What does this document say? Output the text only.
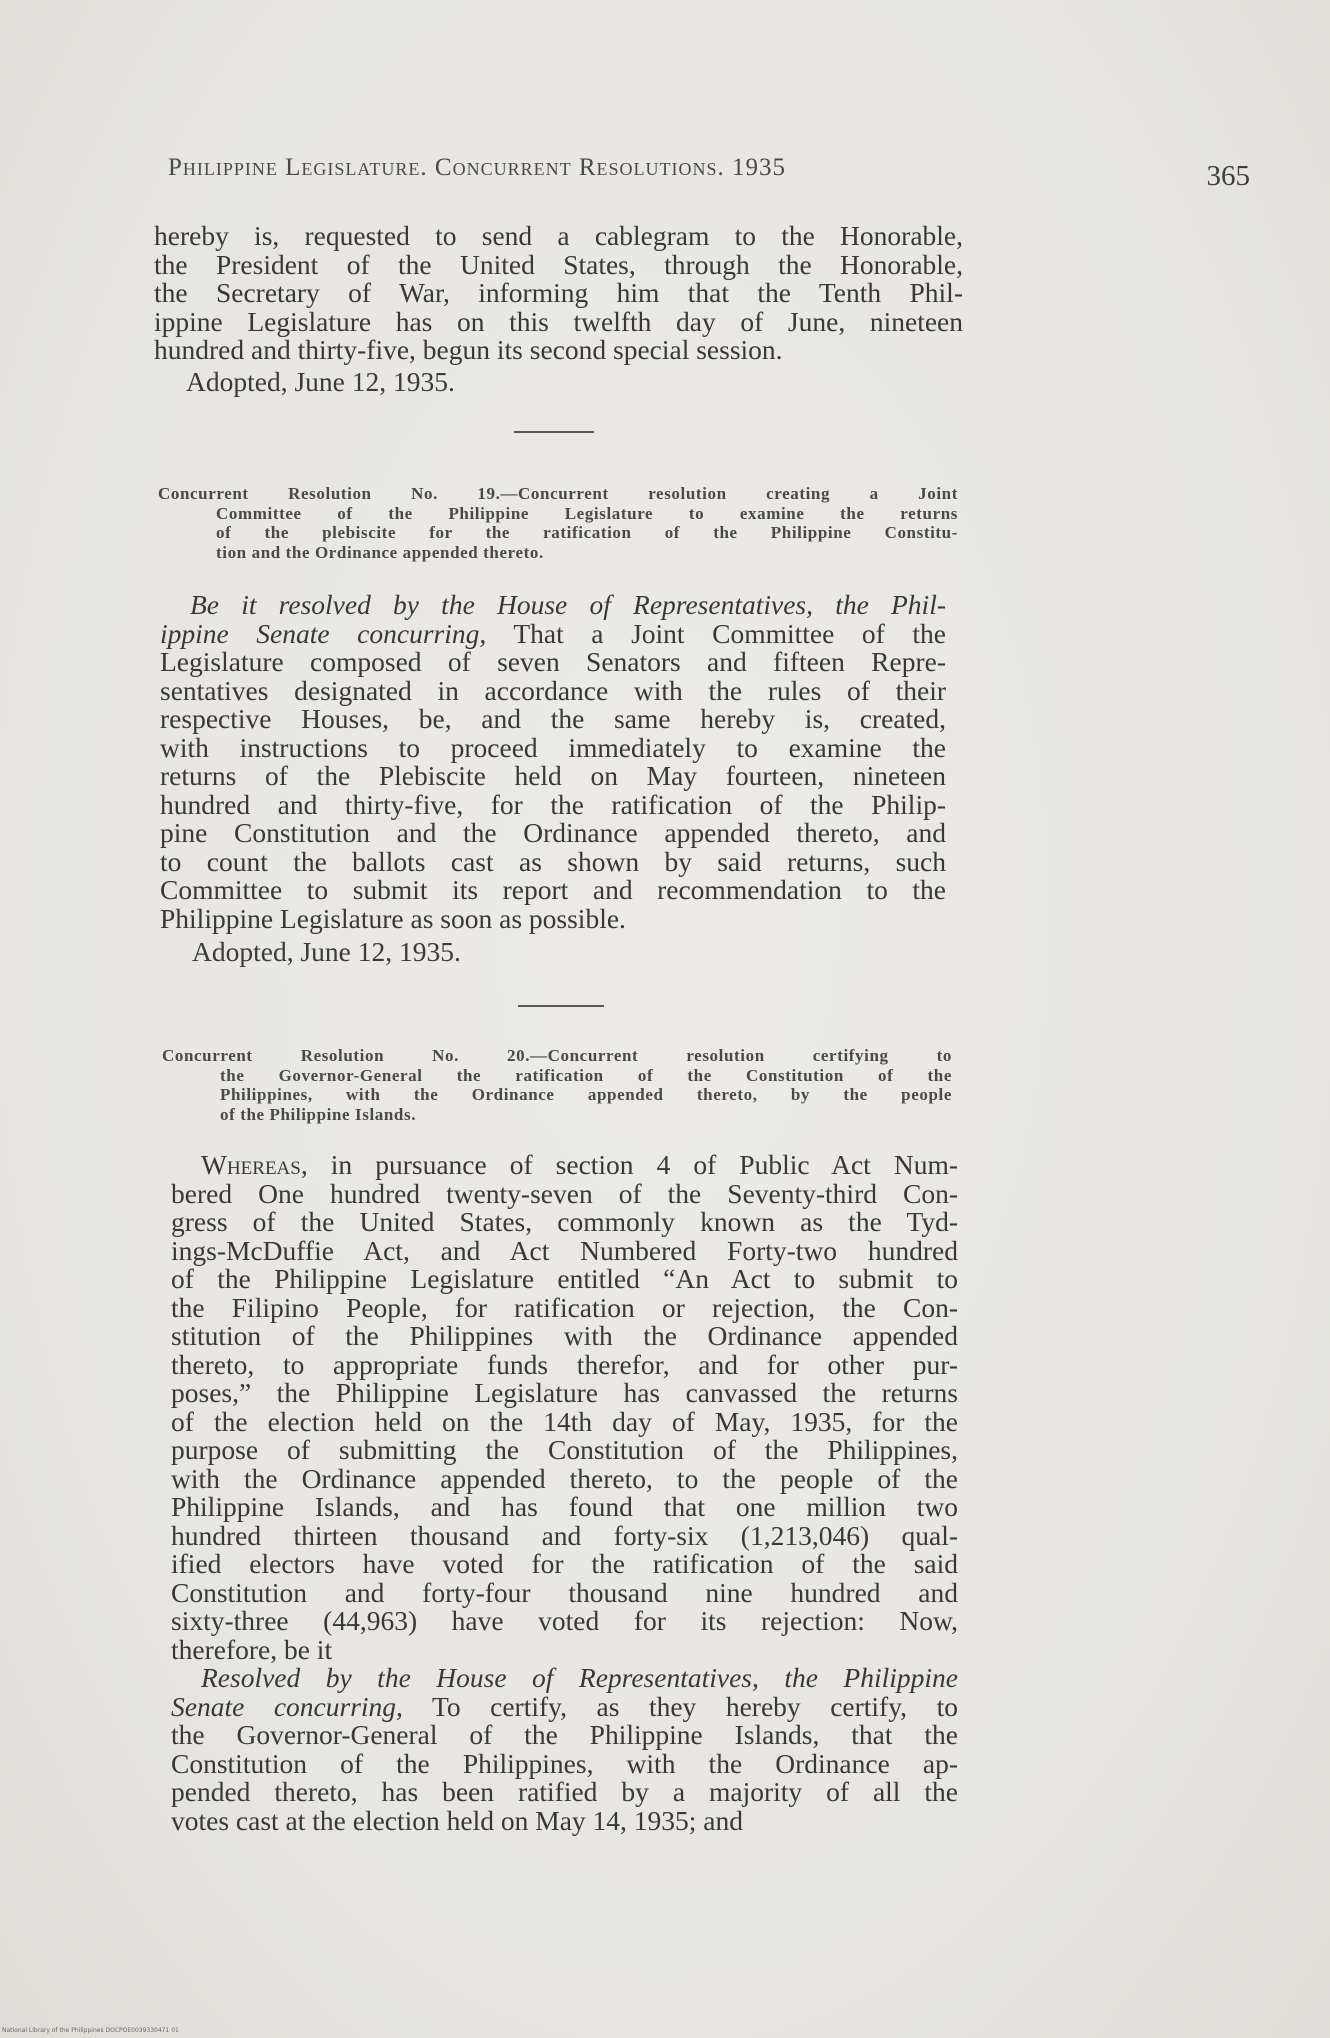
Philippine Legislature. Concurrent Resolutions. 1935	365
hereby is, requested to send a cablegram to the Honorable,
the President of the United States, through the Honorable,
the Secretary of War, informing him that the Tenth Phil-
ippine Legislature has on this twelfth day of June, nineteen
hundred and thirty-five, begun its second special session.
Adopted, June 12, 1935.
Concurrent Resolution No. 19.—Concurrent resolution creating a Joint
Committee of the Philippine Legislature to examine the returns
of the plebiscite for the ratification of the Philippine Constitu-
tion and the Ordinance appended thereto.
Be it resolved by the House of Representatives, the Phil-
ippine Senate concurring, That a Joint Committee of the
Legislature composed of seven Senators and fifteen Repre-
sentatives designated in accordance with the rules of their
respective Houses, be, and the same hereby is, created,
with instructions to proceed immediately to examine the
returns of the Plebiscite held on May fourteen, nineteen
hundred and thirty-five, for the ratification of the Philip-
pine Constitution and the Ordinance appended thereto, and
to count the ballots cast as shown by said returns, such
Committee to submit its report and recommendation to the
Philippine Legislature as soon as possible.
Adopted, June 12, 1935.
Concurrent Resolution No. 20.—Concurrent resolution certifying to
the Governor-General the ratification of the Constitution of the
Philippines, with the Ordinance appended thereto, by the people
of the Philippine Islands.
Whereas, in pursuance of section 4 of Public Act Num-
bered One hundred twenty-seven of the Seventy-third Con-
gress of the United States, commonly known as the Tyd-
ings-McDuffie Act, and Act Numbered Forty-two hundred
of the Philippine Legislature entitled “An Act to submit to
the Filipino People, for ratification or rejection, the Con-
stitution of the Philippines with the Ordinance appended
thereto, to appropriate funds therefor, and for other pur-
poses,” the Philippine Legislature has canvassed the returns
of the election held on the 14th day of May, 1935, for the
purpose of submitting the Constitution of the Philippines,
with the Ordinance appended thereto, to the people of the
Philippine Islands, and has found that one million two
hundred thirteen thousand and forty-six (1,213,046) qual-
ified electors have voted for the ratification of the said
Constitution and forty-four thousand nine hundred and
sixty-three (44,963) have voted for its rejection: Now,
therefore, be it
Resolved by the House of Representatives, the Philippine
Senate concurring, To certify, as they hereby certify, to
the Governor-General of the Philippine Islands, that the
Constitution of the Philippines, with the Ordinance ap-
pended thereto, has been ratified by a majority of all the
votes cast at the election held on May 14, 1935; and
National Library of the Philippines DOCPOE0039330471 01
